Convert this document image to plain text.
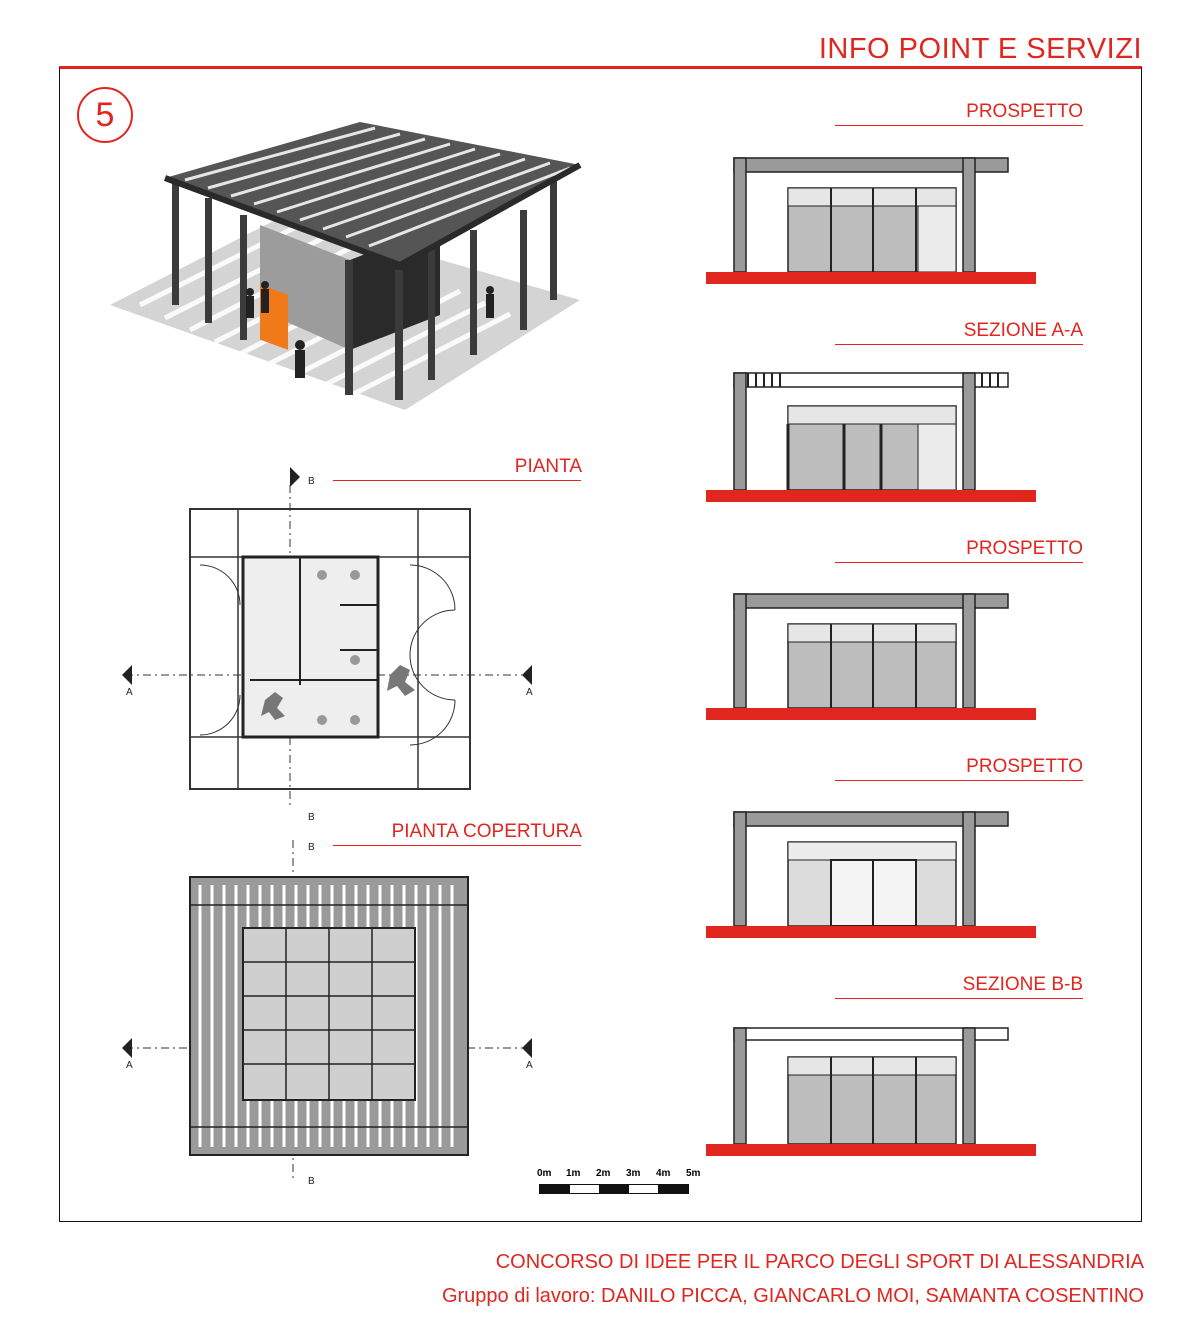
INFO POINT E SERVIZI
5	PROSPETTO
SEZIONE A-A
PROSPETTO
PROSPETTO
SEZIONE B-B
PIANTA
PIANTA COPERTURA
A	A
B
B
B
A	A
B
0m 1m 2m 3m 4m 5m
CONCORSO DI IDEE PER IL PARCO DEGLI SPORT DI ALESSANDRIA
Gruppo di lavoro: DANILO PICCA, GIANCARLO MOI, SAMANTA COSENTINO
